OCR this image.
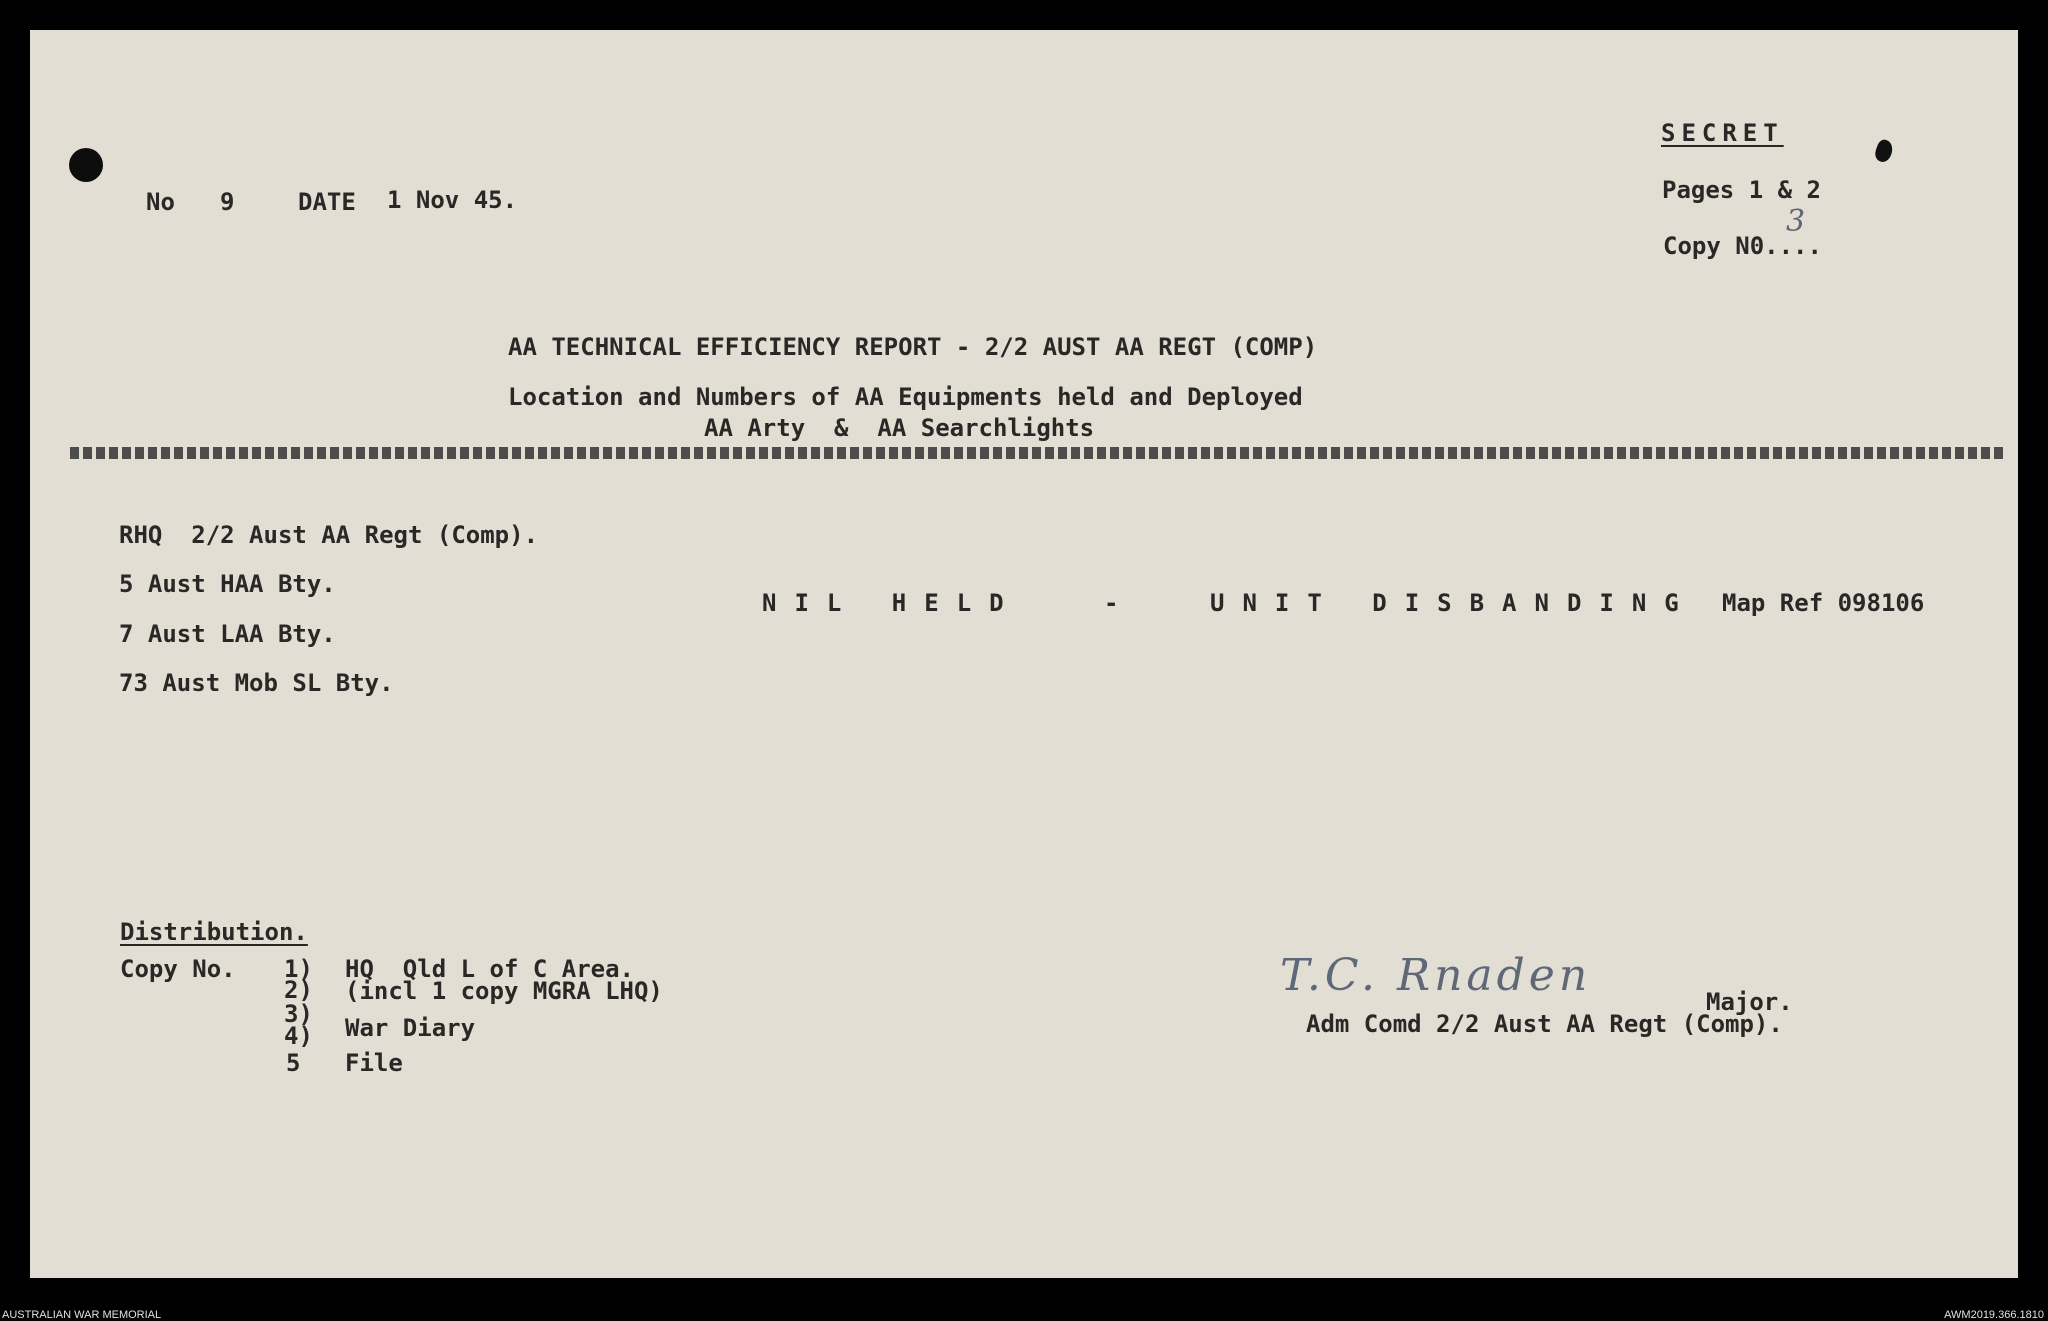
No 9	DATE 1 Nov 45.
SECRET
Pages 1 & 2
Copy N0....
3
AA TECHNICAL EFFICIENCY REPORT - 2/2 AUST AA REGT (COMP)
Location and Numbers of AA Equipments held and Deployed
AA Arty  &  AA Searchlights
RHQ  2/2 Aust AA Regt (Comp).
5 Aust HAA Bty.
7 Aust LAA Bty.
73 Aust Mob SL Bty.
NIL HELD	-	UNIT DISBANDING Map Ref 098106
Distribution.
Copy No. 1) HQ  Qld L of C Area.
2) (incl 1 copy MGRA LHQ)
3)
4) War Diary
5 File
T.C. Rnaden
Major.
Adm Comd 2/2 Aust AA Regt (Comp).
AUSTRALIAN WAR MEMORIAL	AWM2019.366.1810
